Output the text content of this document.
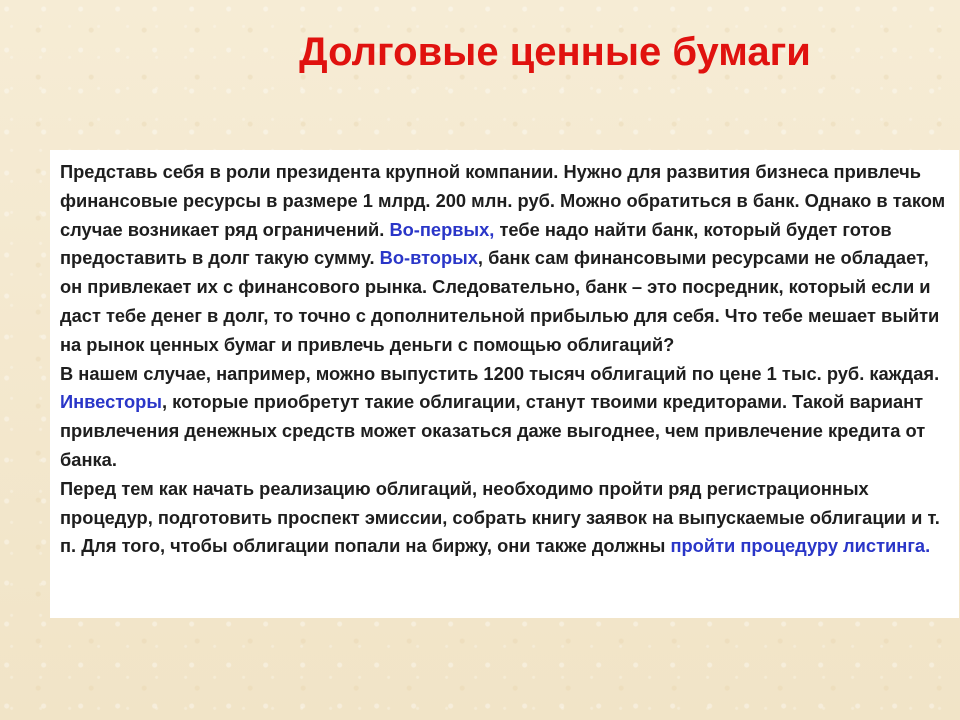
Долговые ценные бумаги

Представь себя в роли президента крупной компании. Нужно для развития бизнеса привлечь финансовые ресурсы в размере 1 млрд. 200 млн. руб. Можно обратиться в банк. Однако в таком случае возникает ряд ограничений. Во-первых, тебе надо найти банк, который будет готов предоставить в долг такую сумму. Во-вторых, банк сам финансовыми ресурсами не обладает, он привлекает их с финансового рынка. Следовательно, банк – это посредник, который если и даст тебе денег в долг, то точно с дополнительной прибылью для себя. Что тебе мешает выйти на рынок ценных бумаг и привлечь деньги с помощью облигаций?

В нашем случае, например, можно выпустить 1200 тысяч облигаций по цене 1 тыс. руб. каждая. Инвесторы, которые приобретут такие облигации, станут твоими кредиторами. Такой вариант привлечения денежных средств может оказаться даже выгоднее, чем привлечение кредита от банка.

Перед тем как начать реализацию облигаций, необходимо пройти ряд регистрационных процедур, подготовить проспект эмиссии, собрать книгу заявок на выпускаемые облигации и т. п. Для того, чтобы облигации попали на биржу, они также должны пройти процедуру листинга.
